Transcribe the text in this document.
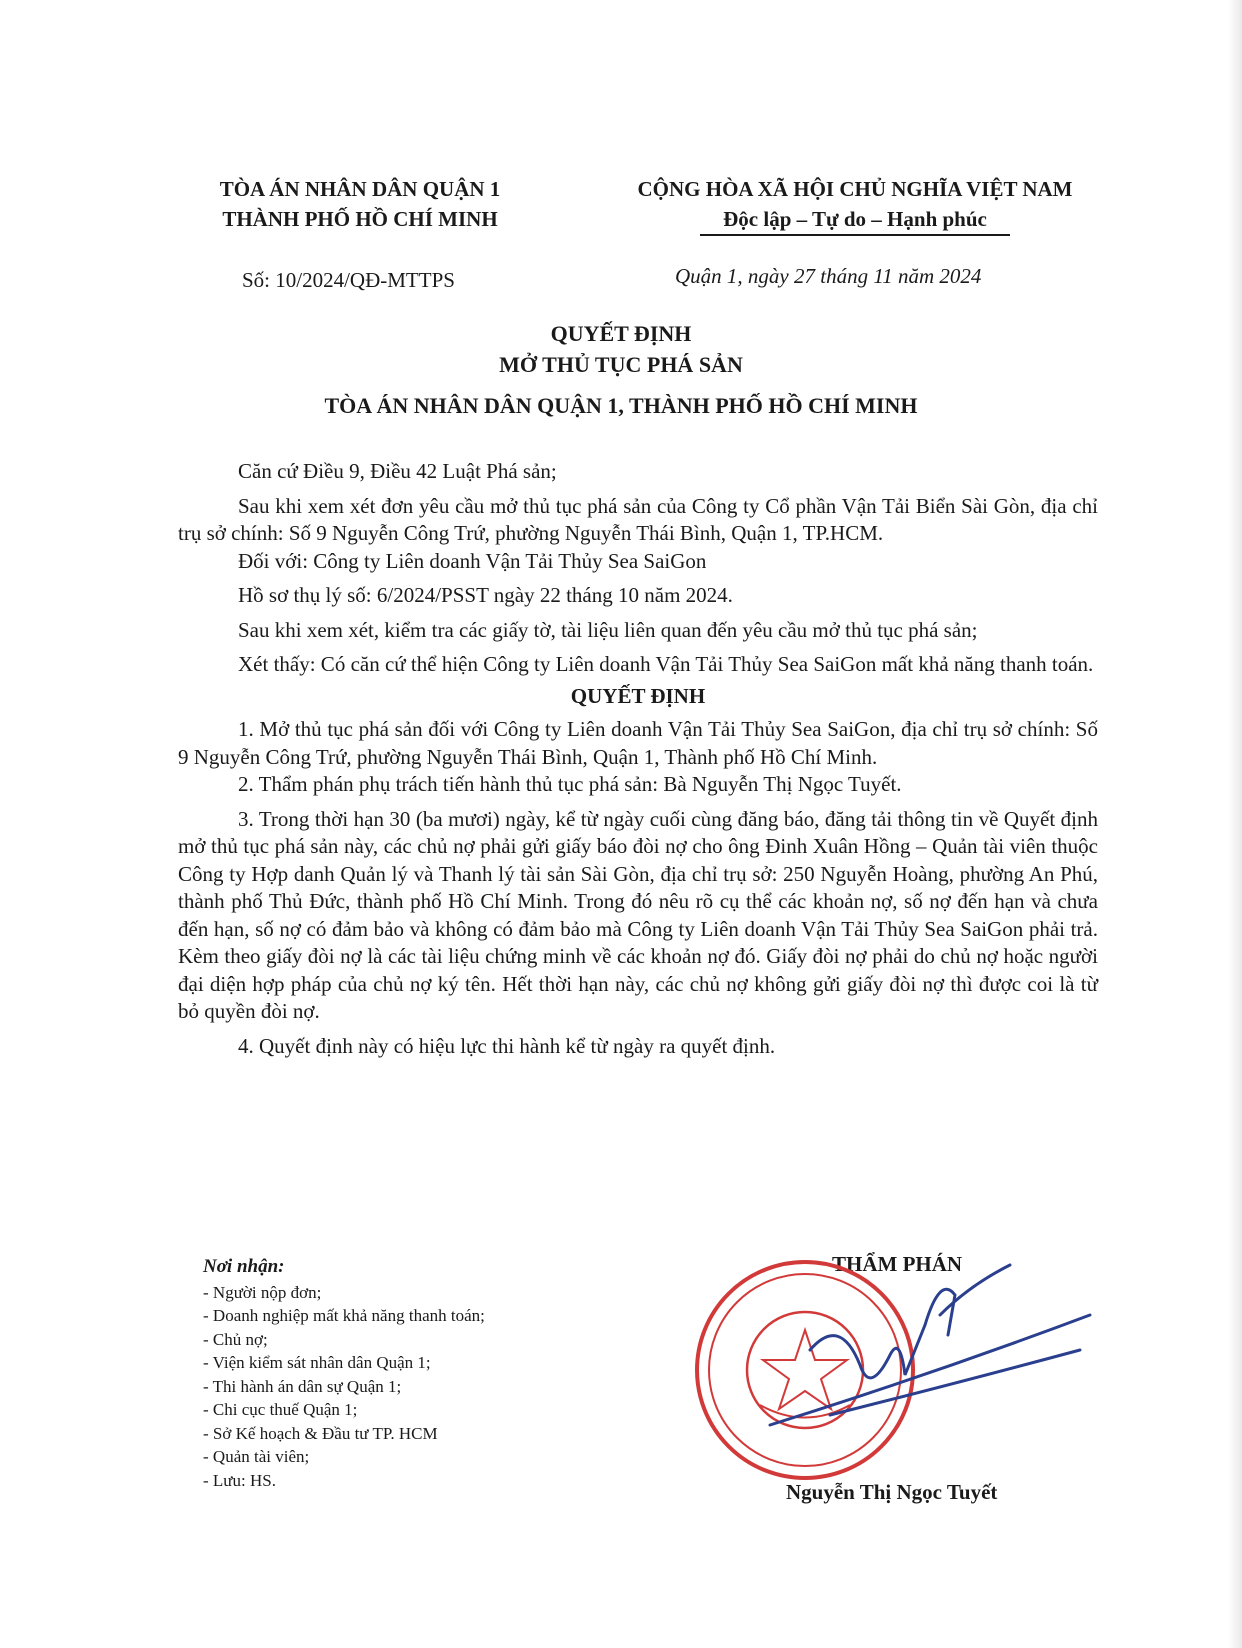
TÒA ÁN NHÂN DÂN QUẬN 1
THÀNH PHỐ HỒ CHÍ MINH
Số: 10/2024/QĐ-MTTPS
CỘNG HÒA XÃ HỘI CHỦ NGHĨA VIỆT NAM
Độc lập – Tự do – Hạnh phúc
Quận 1, ngày 27 tháng 11 năm 2024
QUYẾT ĐỊNH
MỞ THỦ TỤC PHÁ SẢN
TÒA ÁN NHÂN DÂN QUẬN 1, THÀNH PHỐ HỒ CHÍ MINH

Căn cứ Điều 9, Điều 42 Luật Phá sản;

Sau khi xem xét đơn yêu cầu mở thủ tục phá sản của Công ty Cổ phần Vận Tải Biển Sài Gòn, địa chỉ trụ sở chính: Số 9 Nguyễn Công Trứ, phường Nguyễn Thái Bình, Quận 1, TP.HCM.

Đối với: Công ty Liên doanh Vận Tải Thủy Sea SaiGon

Hồ sơ thụ lý số: 6/2024/PSST ngày 22 tháng 10 năm 2024.

Sau khi xem xét, kiểm tra các giấy tờ, tài liệu liên quan đến yêu cầu mở thủ tục phá sản;

Xét thấy: Có căn cứ thể hiện Công ty Liên doanh Vận Tải Thủy Sea SaiGon mất khả năng thanh toán.

QUYẾT ĐỊNH

1. Mở thủ tục phá sản đối với Công ty Liên doanh Vận Tải Thủy Sea SaiGon, địa chỉ trụ sở chính: Số 9 Nguyễn Công Trứ, phường Nguyễn Thái Bình, Quận 1, Thành phố Hồ Chí Minh.

2. Thẩm phán phụ trách tiến hành thủ tục phá sản: Bà Nguyễn Thị Ngọc Tuyết.

3. Trong thời hạn 30 (ba mươi) ngày, kể từ ngày cuối cùng đăng báo, đăng tải thông tin về Quyết định mở thủ tục phá sản này, các chủ nợ phải gửi giấy báo đòi nợ cho ông Đinh Xuân Hồng – Quản tài viên thuộc Công ty Hợp danh Quản lý và Thanh lý tài sản Sài Gòn, địa chỉ trụ sở: 250 Nguyễn Hoàng, phường An Phú, thành phố Thủ Đức, thành phố Hồ Chí Minh. Trong đó nêu rõ cụ thể các khoản nợ, số nợ đến hạn và chưa đến hạn, số nợ có đảm bảo và không có đảm bảo mà Công ty Liên doanh Vận Tải Thủy Sea SaiGon phải trả. Kèm theo giấy đòi nợ là các tài liệu chứng minh về các khoản nợ đó. Giấy đòi nợ phải do chủ nợ hoặc người đại diện hợp pháp của chủ nợ ký tên. Hết thời hạn này, các chủ nợ không gửi giấy đòi nợ thì được coi là từ bỏ quyền đòi nợ.

4. Quyết định này có hiệu lực thi hành kể từ ngày ra quyết định.

Nơi nhận:
- Người nộp đơn;
- Doanh nghiệp mất khả năng thanh toán;
- Chủ nợ;
- Viện kiểm sát nhân dân Quận 1;
- Thi hành án dân sự Quận 1;
- Chi cục thuế Quận 1;
- Sở Kế hoạch & Đầu tư TP. HCM
- Quản tài viên;
- Lưu: HS.
THẨM PHÁN
Nguyễn Thị Ngọc Tuyết
